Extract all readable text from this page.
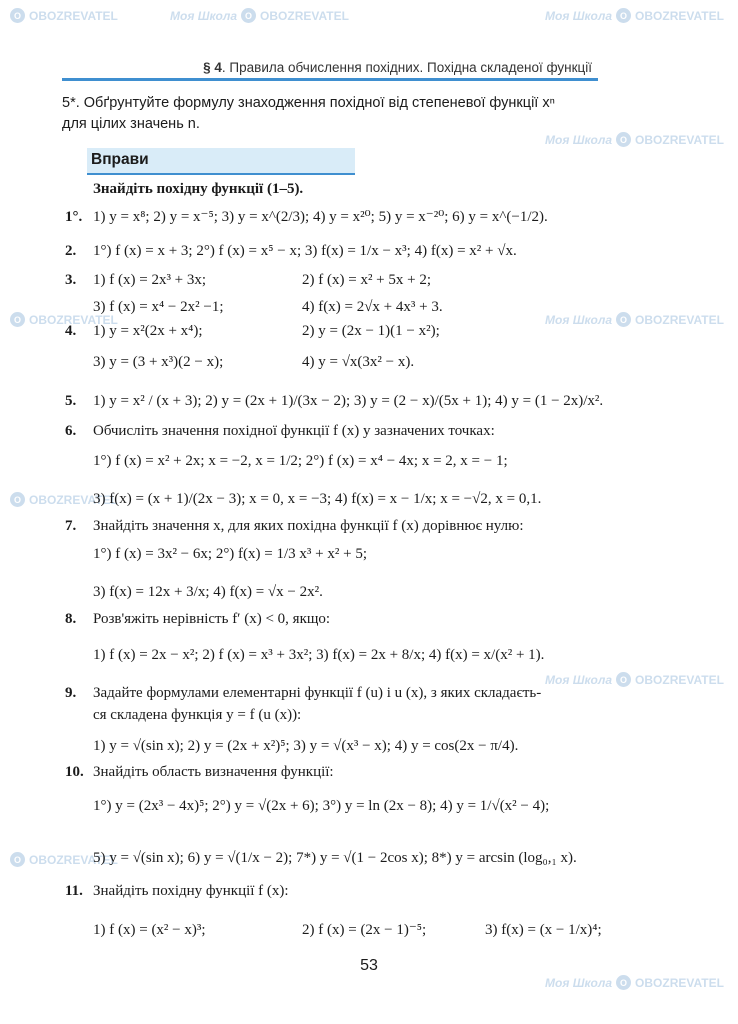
О OBOZREVATEL	Моя Школа О OBOZREVATEL	Моя Школа О OBOZREVATEL
Моя Школа О OBOZREVATEL
О OBOZREVATEL	Моя Школа О OBOZREVATEL
О OBOZREVATEL
Моя Школа О OBOZREVATEL
О OBOZREVATEL
Моя Школа О OBOZREVATEL
§ 4. Правила обчислення похідних. Похідна складеної функції
5*. Обґрунтуйте формулу знаходження похідної від степеневої функції xⁿ
для цілих значень n.
Вправи
Знайдіть похідну функції (1–5).
1°. 1) y = x⁸; 2) y = x⁻⁵; 3) y = x^(2/3); 4) y = x²⁰; 5) y = x⁻²⁰; 6) y = x^(−1/2).
2. 1°) f (x) = x + 3; 2°) f (x) = x⁵ − x; 3) f(x) = 1/x − x³; 4) f(x) = x² + √x.
3. 1) f (x) = 2x³ + 3x;	2) f (x) = x² + 5x + 2;
3) f (x) = x⁴ − 2x² −1;	4) f(x) = 2√x + 4x³ + 3.
4. 1) y = x²(2x + x⁴);	2) y = (2x − 1)(1 − x²);
3) y = (3 + x³)(2 − x);	4) y = √x(3x² − x).
5. 1) y = x² / (x + 3); 2) y = (2x + 1)/(3x − 2); 3) y = (2 − x)/(5x + 1); 4) y = (1 − 2x)/x².
6. Обчисліть значення похідної функції f (x) у зазначених точках:
1°) f (x) = x² + 2x; x = −2, x = 1/2; 2°) f (x) = x⁴ − 4x; x = 2, x = − 1;
3) f(x) = (x + 1)/(2x − 3); x = 0, x = −3; 4) f(x) = x − 1/x; x = −√2, x = 0,1.
7. Знайдіть значення x, для яких похідна функції f (x) дорівнює нулю:
1°) f (x) = 3x² − 6x; 2°) f(x) = 1/3 x³ + x² + 5;
3) f(x) = 12x + 3/x; 4) f(x) = √x − 2x².
8. Розв'яжіть нерівність f′ (x) < 0, якщо:
1) f (x) = 2x − x²; 2) f (x) = x³ + 3x²; 3) f(x) = 2x + 8/x; 4) f(x) = x/(x² + 1).
9. Задайте формулами елементарні функції f (u) і u (x), з яких складаєть-
ся складена функція y = f (u (x)):
1) y = √(sin x); 2) y = (2x + x²)⁵; 3) y = √(x³ − x); 4) y = cos(2x − π/4).
10. Знайдіть область визначення функції:
1°) y = (2x³ − 4x)⁵; 2°) y = √(2x + 6); 3°) y = ln (2x − 8); 4) y = 1/√(x² − 4);
5) y = √(sin x); 6) y = √(1/x − 2); 7*) y = √(1 − 2cos x); 8*) y = arcsin (log₀,₁ x).
11. Знайдіть похідну функції f (x):
1) f (x) = (x² − x)³;	2) f (x) = (2x − 1)⁻⁵;	3) f(x) = (x − 1/x)⁴;
53
